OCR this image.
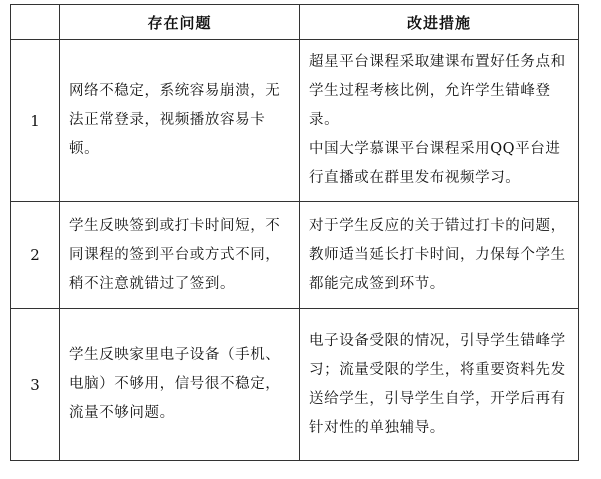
	存在问题	改进措施
1	网络不稳定，系统容易崩溃，无法正常登录，视频播放容易卡顿。	超星平台课程采取建课布置好任务点和学生过程考核比例，允许学生错峰登录。
中国大学慕课平台课程采用QQ平台进行直播或在群里发布视频学习。

2	学生反映签到或打卡时间短，不同课程的签到平台或方式不同，稍不注意就错过了签到。	对于学生反应的关于错过打卡的问题，教师适当延长打卡时间，力保每个学生都能完成签到环节。

3	学生反映家里电子设备（手机、电脑）不够用，信号很不稳定，流量不够问题。	电子设备受限的情况，引导学生错峰学习；流量受限的学生，将重要资料先发送给学生，引导学生自学，开学后再有针对性的单独辅导。
